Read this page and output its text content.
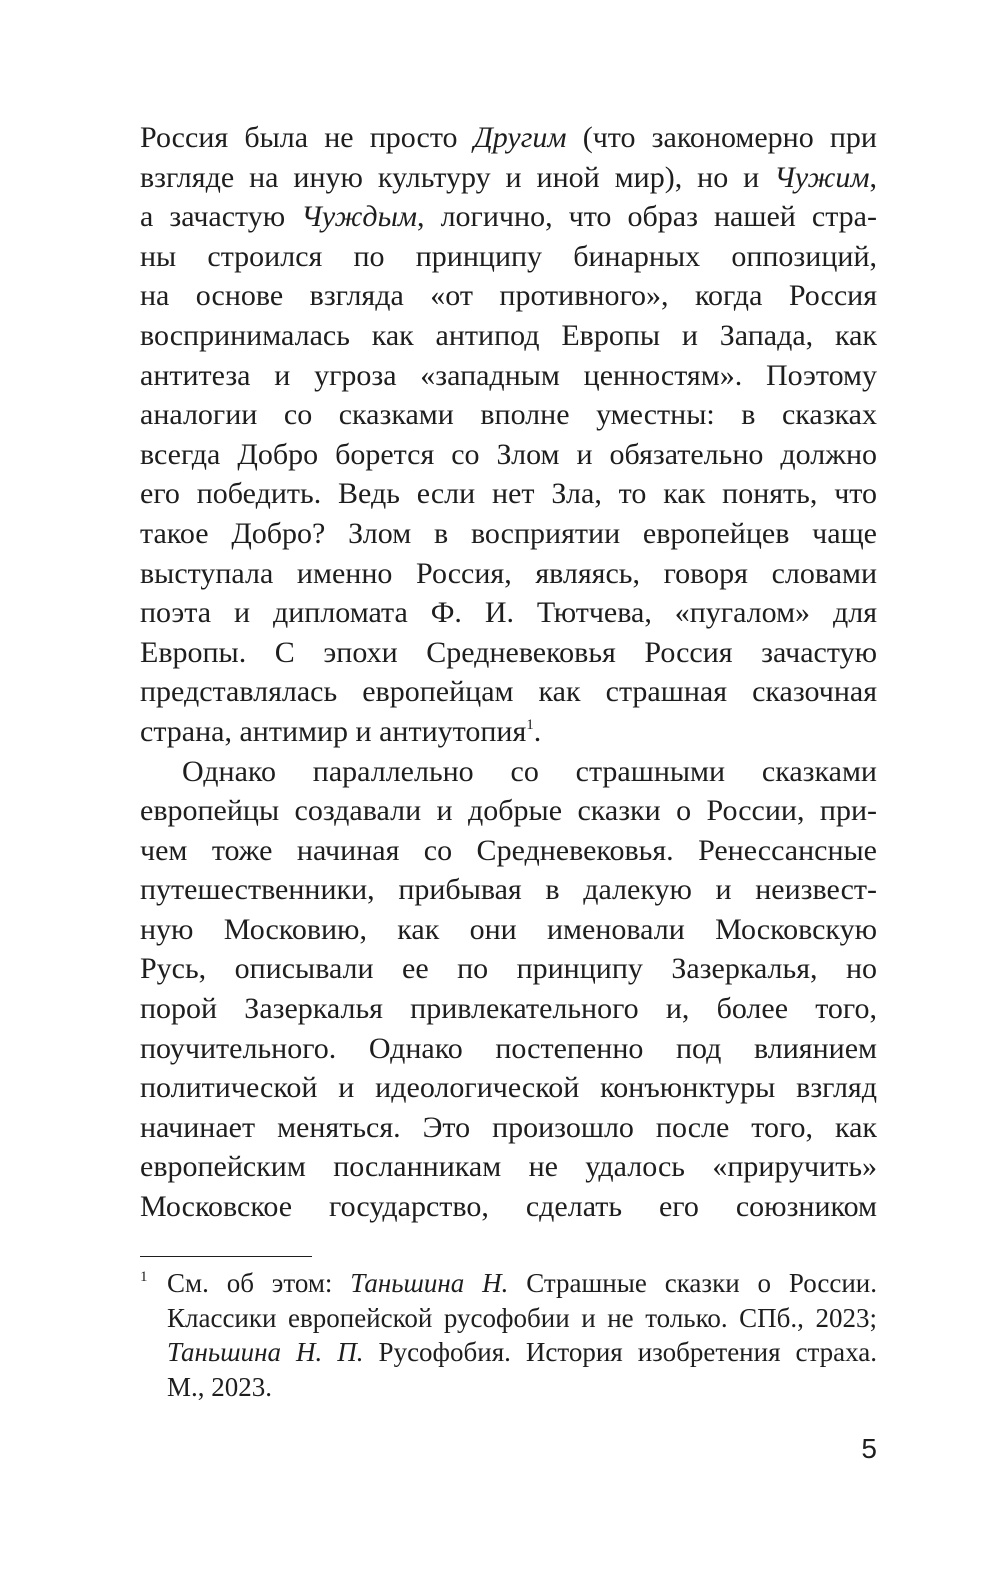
Россия была не просто Другим (что закономерно при
взгляде на иную культуру и иной мир), но и Чужим,
а зачастую Чуждым, логично, что образ нашей стра-
ны строился по принципу бинарных оппозиций,
на основе взгляда «от противного», когда Россия
воспринималась как антипод Европы и Запада, как
антитеза и угроза «западным ценностям». Поэтому
аналогии со сказками вполне уместны: в сказках
всегда Добро борется со Злом и обязательно должно
его победить. Ведь если нет Зла, то как понять, что
такое Добро? Злом в восприятии европейцев чаще
выступала именно Россия, являясь, говоря словами
поэта и дипломата Ф. И. Тютчева, «пугалом» для
Европы. С эпохи Средневековья Россия зачастую
представлялась европейцам как страшная сказочная
страна, антимир и антиутопия$^1$.
Однако параллельно со страшными сказками
европейцы создавали и добрые сказки о России, при-
чем тоже начиная со Средневековья. Ренессансные
путешественники, прибывая в далекую и неизвест-
ную Московию, как они именовали Московскую
Русь, описывали ее по принципу Зазеркалья, но
порой Зазеркалья привлекательного и, более того,
поучительного. Однако постепенно под влиянием
политической и идеологической конъюнктуры взгляд
начинает меняться. Это произошло после того, как
европейским посланникам не удалось «приручить»
Московское государство, сделать его союзником
1 См. об этом: Таньшина Н. Страшные сказки о России.
Классики европейской русофобии и не только. СПб., 2023;
Таньшина Н. П. Русофобия. История изобретения страха.
М., 2023.
5
